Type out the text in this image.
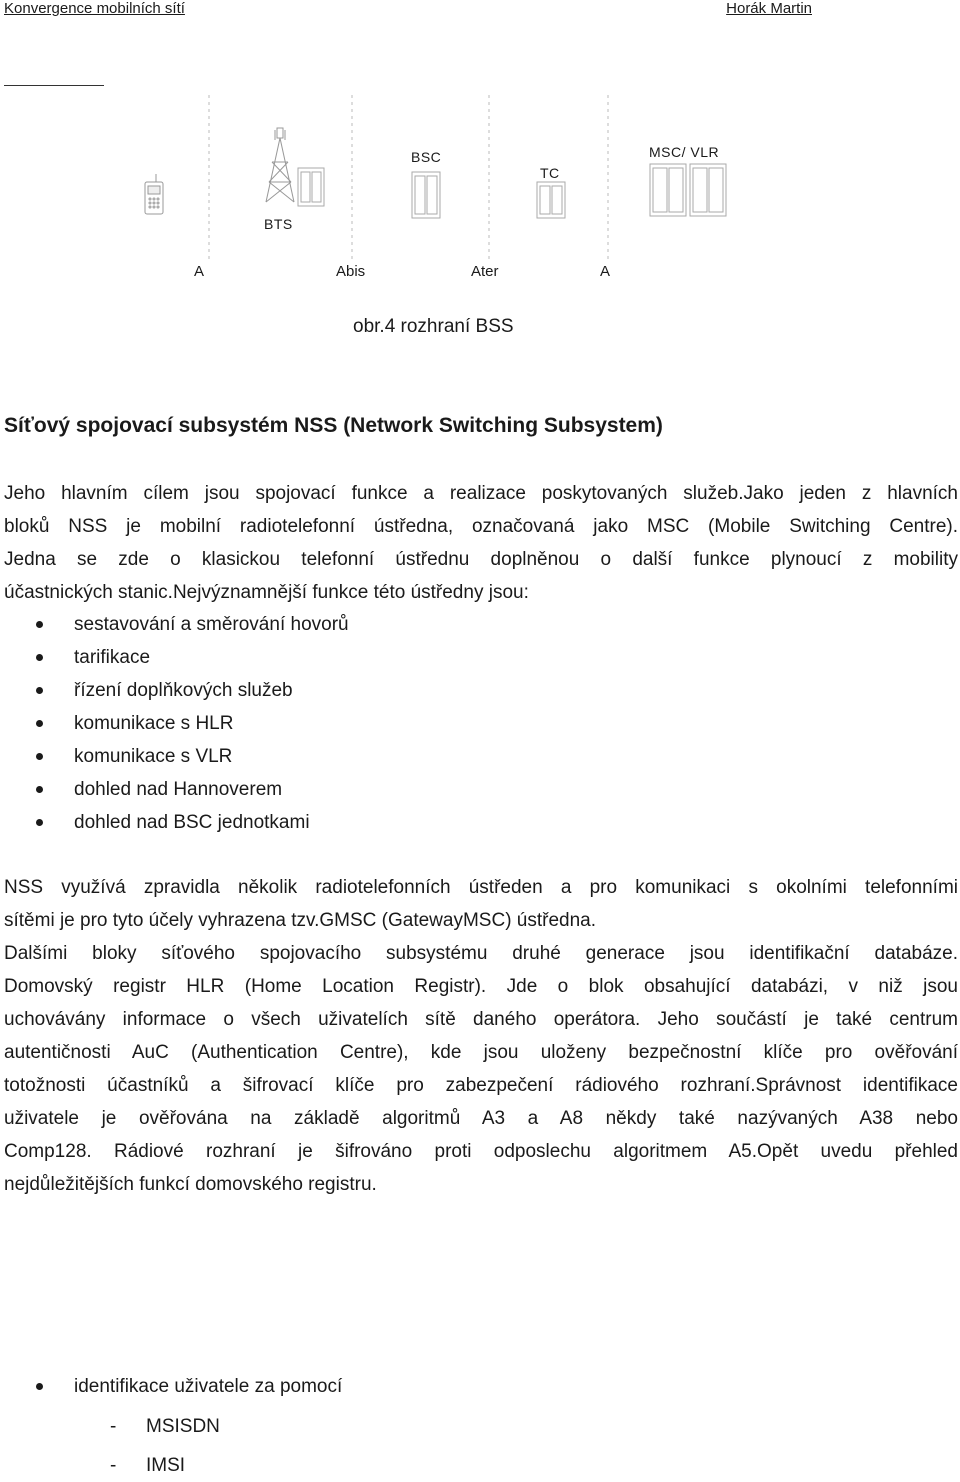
Konvergence mobilních sítí	Horák Martin
BTS
BSC
TC
MSC/ VLR
A	Abis	Ater	A
obr.4 rozhraní BSS
Síťový spojovací subsystém NSS (Network Switching Subsystem)
Jeho hlavním cílem jsou spojovací funkce a realizace poskytovaných služeb.Jako jeden z hlavních
bloků NSS je mobilní radiotelefonní ústředna, označovaná jako MSC (Mobile Switching Centre).
Jedna se zde o klasickou telefonní ústřednu doplněnou o další funkce plynoucí z mobility
účastnických stanic.Nejvýznamnější funkce této ústředny jsou:
sestavování a směrování hovorů
tarifikace
řízení doplňkových služeb
komunikace s HLR
komunikace s VLR
dohled nad Hannoverem
dohled nad BSC jednotkami
NSS využívá zpravidla několik radiotelefonních ústředen a pro komunikaci s okolními telefonními
sítěmi je pro tyto účely vyhrazena tzv.GMSC (GatewayMSC) ústředna.
Dalšími bloky síťového spojovacího subsystému druhé generace jsou identifikační databáze.
Domovský registr HLR (Home Location Registr). Jde o blok obsahující databázi, v niž jsou
uchovávány informace o všech uživatelích sítě daného operátora. Jeho součástí je také centrum
autentičnosti AuC (Authentication Centre), kde jsou uloženy bezpečnostní klíče pro ověřování
totožnosti účastníků a šifrovací klíče pro zabezpečení rádiového rozhraní.Správnost identifikace
uživatele je ověřována na základě algoritmů A3 a A8 někdy také nazývaných A38 nebo
Comp128. Rádiové rozhraní je šifrováno proti odposlechu algoritmem A5.Opět uvedu přehled
nejdůležitějších funkcí domovského registru.
identifikace uživatele za pomocí
- MSISDN
- IMSI
